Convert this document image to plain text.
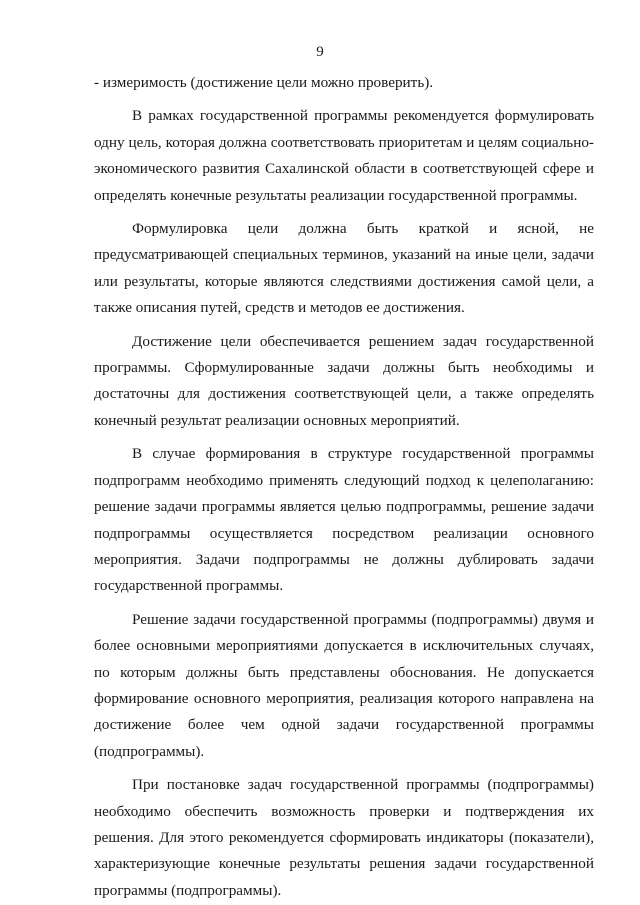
9

- измеримость (достижение цели можно проверить).

В рамках государственной программы рекомендуется формулировать одну цель, которая должна соответствовать приоритетам и целям социально-экономического развития Сахалинской области в соответствующей сфере и определять конечные результаты реализации государственной программы.

Формулировка цели должна быть краткой и ясной, не предусматривающей специальных терминов, указаний на иные цели, задачи или результаты, которые являются следствиями достижения самой цели, а также описания путей, средств и методов ее достижения.

Достижение цели обеспечивается решением задач государственной программы. Сформулированные задачи должны быть необходимы и достаточны для достижения соответствующей цели, а также определять конечный результат реализации основных мероприятий.

В случае формирования в структуре государственной программы подпрограмм необходимо применять следующий подход к целеполаганию: решение задачи программы является целью подпрограммы, решение задачи подпрограммы осуществляется посредством реализации основного мероприятия. Задачи подпрограммы не должны дублировать задачи государственной программы.

Решение задачи государственной программы (подпрограммы) двумя и более основными мероприятиями допускается в исключительных случаях, по которым должны быть представлены обоснования. Не допускается формирование основного мероприятия, реализация которого направлена на достижение более чем одной задачи государственной программы (подпрограммы).

При постановке задач государственной программы (подпрограммы) необходимо обеспечить возможность проверки и подтверждения их решения. Для этого рекомендуется сформировать индикаторы (показатели), характеризующие конечные результаты решения задачи государственной программы (подпрограммы).
